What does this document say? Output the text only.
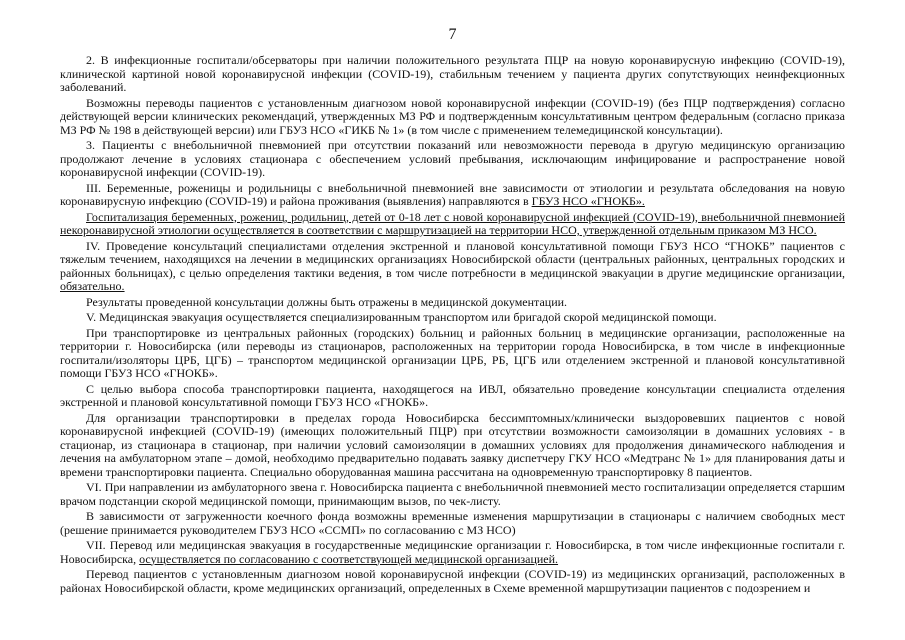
7

2. В инфекционные госпитали/обсерваторы при наличии положительного результата ПЦР на новую коронавирусную инфекцию (COVID-19), клинической картиной новой коронавирусной инфекции (COVID-19), стабильным течением у пациента других сопутствующих неинфекционных заболеваний.

Возможны переводы пациентов с установленным диагнозом новой коронавирусной инфекции (COVID-19) (без ПЦР подтверждения) согласно действующей версии клинических рекомендаций, утвержденных МЗ РФ и подтвержденным консультативным центром федеральным (согласно приказа МЗ РФ № 198 в действующей версии) или ГБУЗ НСО «ГИКБ № 1» (в том числе с применением телемедицинской консультации).

3. Пациенты с внебольничной пневмонией при отсутствии показаний или невозможности перевода в другую медицинскую организацию продолжают лечение в условиях стационара с обеспечением условий пребывания, исключающим инфицирование и распространение новой коронавирусной инфекции (COVID-19).

III. Беременные, роженицы и родильницы с внебольничной пневмонией вне зависимости от этиологии и результата обследования на новую коронавирусную инфекцию (COVID-19) и района проживания (выявления) направляются в ГБУЗ НСО «ГНОКБ».

Госпитализация беременных, рожениц, родильниц, детей от 0-18 лет с новой коронавирусной инфекцией (COVID-19), внебольничной пневмонией некоронавирусной этиологии осуществляется в соответствии с маршрутизацией на территории НСО, утвержденной отдельным приказом МЗ НСО.

IV. Проведение консультаций специалистами отделения экстренной и плановой консультативной помощи ГБУЗ НСО “ГНОКБ” пациентов с тяжелым течением, находящихся на лечении в медицинских организациях Новосибирской области (центральных районных, центральных городских и районных больницах), с целью определения тактики ведения, в том числе потребности в медицинской эвакуации в другие медицинские организации, обязательно.

Результаты проведенной консультации должны быть отражены в медицинской документации.

V. Медицинская эвакуация осуществляется специализированным транспортом или бригадой скорой медицинской помощи.

При транспортировке из центральных районных (городских) больниц и районных больниц в медицинские организации, расположенные на территории г. Новосибирска (или переводы из стационаров, расположенных на территории города Новосибирска, в том числе в инфекционные госпитали/изоляторы ЦРБ, ЦГБ) – транспортом медицинской организации ЦРБ, РБ, ЦГБ или отделением экстренной и плановой консультативной помощи ГБУЗ НСО «ГНОКБ».

С целью выбора способа транспортировки пациента, находящегося на ИВЛ, обязательно проведение консультации специалиста отделения экстренной и плановой консультативной помощи ГБУЗ НСО «ГНОКБ».

Для организации транспортировки в пределах города Новосибирска бессимптомных/клинически выздоровевших пациентов с новой коронавирусной инфекцией (COVID-19) (имеющих положительный ПЦР) при отсутствии возможности самоизоляции в домашних условиях - в стационар, из стационара в стационар, при наличии условий самоизоляции в домашних условиях для продолжения динамического наблюдения и лечения на амбулаторном этапе – домой, необходимо предварительно подавать заявку диспетчеру ГКУ НСО «Медтранс № 1» для планирования даты и времени транспортировки пациента. Специально оборудованная машина рассчитана на одновременную транспортировку 8 пациентов.

VI. При направлении из амбулаторного звена г. Новосибирска пациента с внебольничной пневмонией место госпитализации определяется старшим врачом подстанции скорой медицинской помощи, принимающим вызов, по чек-листу.

В зависимости от загруженности коечного фонда возможны временные изменения маршрутизации в стационары с наличием свободных мест (решение принимается руководителем ГБУЗ НСО «ССМП» по согласованию с МЗ НСО)

VII. Перевод или медицинская эвакуация в государственные медицинские организации г. Новосибирска, в том числе инфекционные госпитали г. Новосибирска, осуществляется по согласованию с соответствующей медицинской организацией.

Перевод пациентов с установленным диагнозом новой коронавирусной инфекции (COVID-19) из медицинских организаций, расположенных в районах Новосибирской области, кроме медицинских организаций, определенных в Схеме временной маршрутизации пациентов с подозрением и
